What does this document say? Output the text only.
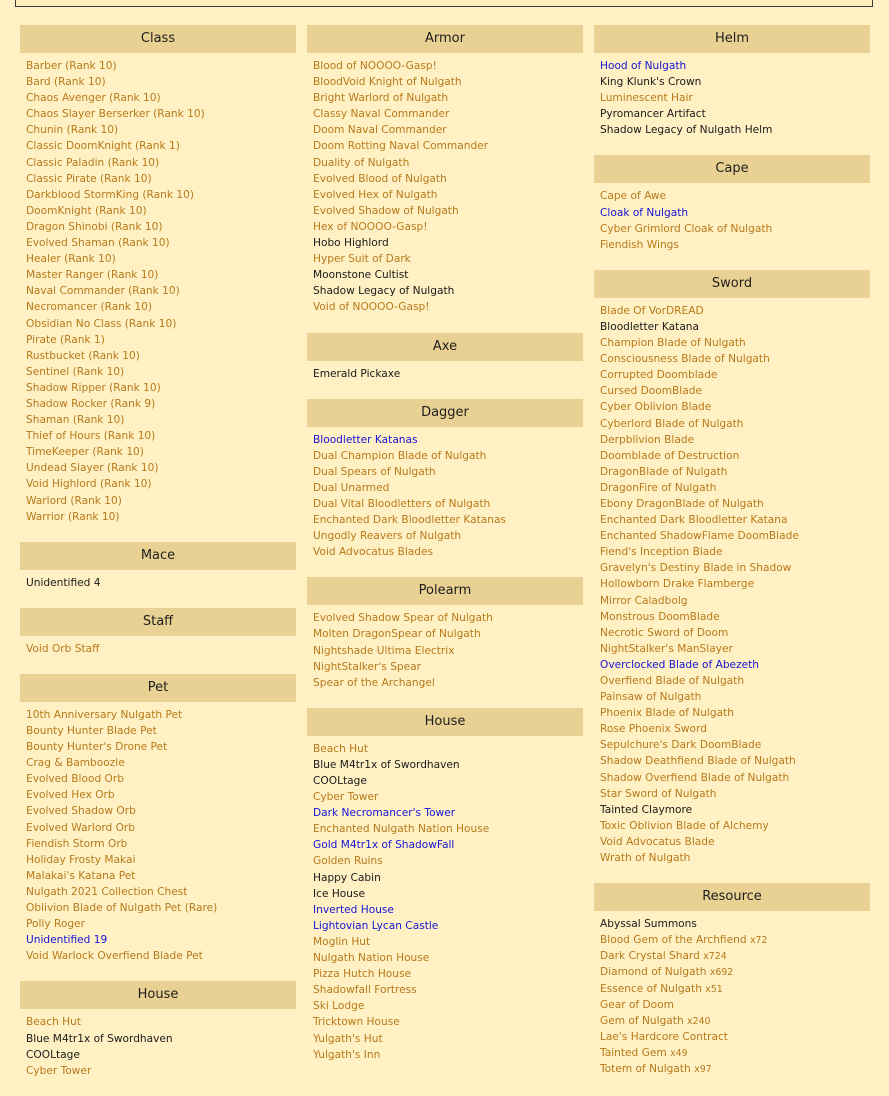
Class
Barber (Rank 10)
Bard (Rank 10)
Chaos Avenger (Rank 10)
Chaos Slayer Berserker (Rank 10)
Chunin (Rank 10)
Classic DoomKnight (Rank 1)
Classic Paladin (Rank 10)
Classic Pirate (Rank 10)
Darkblood StormKing (Rank 10)
DoomKnight (Rank 10)
Dragon Shinobi (Rank 10)
Evolved Shaman (Rank 10)
Healer (Rank 10)
Master Ranger (Rank 10)
Naval Commander (Rank 10)
Necromancer (Rank 10)
Obsidian No Class (Rank 10)
Pirate (Rank 1)
Rustbucket (Rank 10)
Sentinel (Rank 10)
Shadow Ripper (Rank 10)
Shadow Rocker (Rank 9)
Shaman (Rank 10)
Thief of Hours (Rank 10)
TimeKeeper (Rank 10)
Undead Slayer (Rank 10)
Void Highlord (Rank 10)
Warlord (Rank 10)
Warrior (Rank 10)
Mace
Unidentified 4
Staff
Void Orb Staff
Pet
10th Anniversary Nulgath Pet
Bounty Hunter Blade Pet
Bounty Hunter's Drone Pet
Crag & Bamboozle
Evolved Blood Orb
Evolved Hex Orb
Evolved Shadow Orb
Evolved Warlord Orb
Fiendish Storm Orb
Holiday Frosty Makai
Malakai's Katana Pet
Nulgath 2021 Collection Chest
Oblivion Blade of Nulgath Pet (Rare)
Polly Roger
Unidentified 19
Void Warlock Overfiend Blade Pet
House
Beach Hut
Blue M4tr1x of Swordhaven
COOLtage
Cyber Tower
Armor
Blood of NOOOO-Gasp!
BloodVoid Knight of Nulgath
Bright Warlord of Nulgath
Classy Naval Commander
Doom Naval Commander
Doom Rotting Naval Commander
Duality of Nulgath
Evolved Blood of Nulgath
Evolved Hex of Nulgath
Evolved Shadow of Nulgath
Hex of NOOOO-Gasp!
Hobo Highlord
Hyper Suit of Dark
Moonstone Cultist
Shadow Legacy of Nulgath
Void of NOOOO-Gasp!
Axe
Emerald Pickaxe
Dagger
Bloodletter Katanas
Dual Champion Blade of Nulgath
Dual Spears of Nulgath
Dual Unarmed
Dual Vital Bloodletters of Nulgath
Enchanted Dark Bloodletter Katanas
Ungodly Reavers of Nulgath
Void Advocatus Blades
Polearm
Evolved Shadow Spear of Nulgath
Molten DragonSpear of Nulgath
Nightshade Ultima Electrix
NightStalker's Spear
Spear of the Archangel
House
Beach Hut
Blue M4tr1x of Swordhaven
COOLtage
Cyber Tower
Dark Necromancer's Tower
Enchanted Nulgath Nation House
Gold M4tr1x of ShadowFall
Golden Ruins
Happy Cabin
Ice House
Inverted House
Lightovian Lycan Castle
Moglin Hut
Nulgath Nation House
Pizza Hutch House
Shadowfall Fortress
Ski Lodge
Tricktown House
Yulgath's Hut
Yulgath's Inn
Helm
Hood of Nulgath
King Klunk's Crown
Luminescent Hair
Pyromancer Artifact
Shadow Legacy of Nulgath Helm
Cape
Cape of Awe
Cloak of Nulgath
Cyber Grimlord Cloak of Nulgath
Fiendish Wings
Sword
Blade Of VorDREAD
Bloodletter Katana
Champion Blade of Nulgath
Consciousness Blade of Nulgath
Corrupted Doomblade
Cursed DoomBlade
Cyber Oblivion Blade
Cyberlord Blade of Nulgath
Derpblivion Blade
Doomblade of Destruction
DragonBlade of Nulgath
DragonFire of Nulgath
Ebony DragonBlade of Nulgath
Enchanted Dark Bloodletter Katana
Enchanted ShadowFlame DoomBlade
Fiend's Inception Blade
Gravelyn's Destiny Blade in Shadow
Hollowborn Drake Flamberge
Mirror Caladbolg
Monstrous DoomBlade
Necrotic Sword of Doom
NightStalker's ManSlayer
Overclocked Blade of Abezeth
Overfiend Blade of Nulgath
Painsaw of Nulgath
Phoenix Blade of Nulgath
Rose Phoenix Sword
Sepulchure's Dark DoomBlade
Shadow Deathfiend Blade of Nulgath
Shadow Overfiend Blade of Nulgath
Star Sword of Nulgath
Tainted Claymore
Toxic Oblivion Blade of Alchemy
Void Advocatus Blade
Wrath of Nulgath
Resource
Abyssal Summons
Blood Gem of the Archfiend x72
Dark Crystal Shard x724
Diamond of Nulgath x692
Essence of Nulgath x51
Gear of Doom
Gem of Nulgath x240
Lae's Hardcore Contract
Tainted Gem x49
Totem of Nulgath x97
